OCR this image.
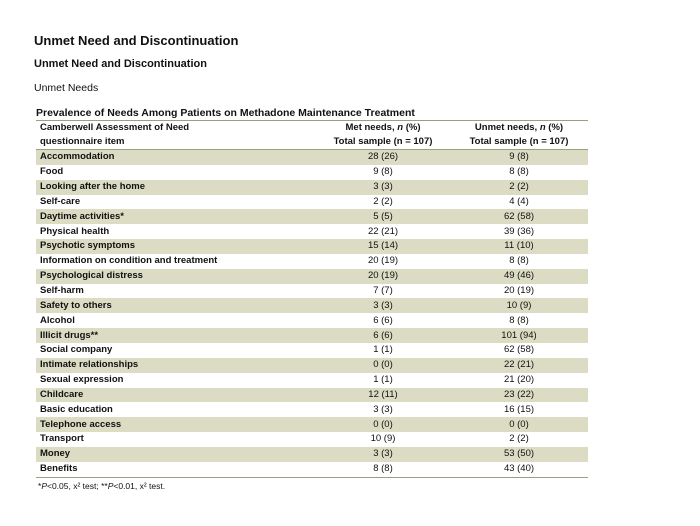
Unmet Need and Discontinuation
Unmet Need and Discontinuation
Unmet Needs
Prevalence of Needs Among Patients on Methadone Maintenance Treatment
Camberwell Assessment of Need	Met needs, n (%)	Unmet needs, n (%)
questionnaire item	Total sample (n = 107)	Total sample (n = 107)
Accommodation	28 (26)	9 (8)
Food	9 (8)	8 (8)
Looking after the home	3 (3)	2 (2)
Self-care	2 (2)	4 (4)
Daytime activities*	5 (5)	62 (58)
Physical health	22 (21)	39 (36)
Psychotic symptoms	15 (14)	11 (10)
Information on condition and treatment	20 (19)	8 (8)
Psychological distress	20 (19)	49 (46)
Self-harm	7 (7)	20 (19)
Safety to others	3 (3)	10 (9)
Alcohol	6 (6)	8 (8)
Illicit drugs**	6 (6)	101 (94)
Social company	1 (1)	62 (58)
Intimate relationships	0 (0)	22 (21)
Sexual expression	1 (1)	21 (20)
Childcare	12 (11)	23 (22)
Basic education	3 (3)	16 (15)
Telephone access	0 (0)	0 (0)
Transport	10 (9)	2 (2)
Money	3 (3)	53 (50)
Benefits	8 (8)	43 (40)
*P<0.05, x² test; **P<0.01, x² test.
